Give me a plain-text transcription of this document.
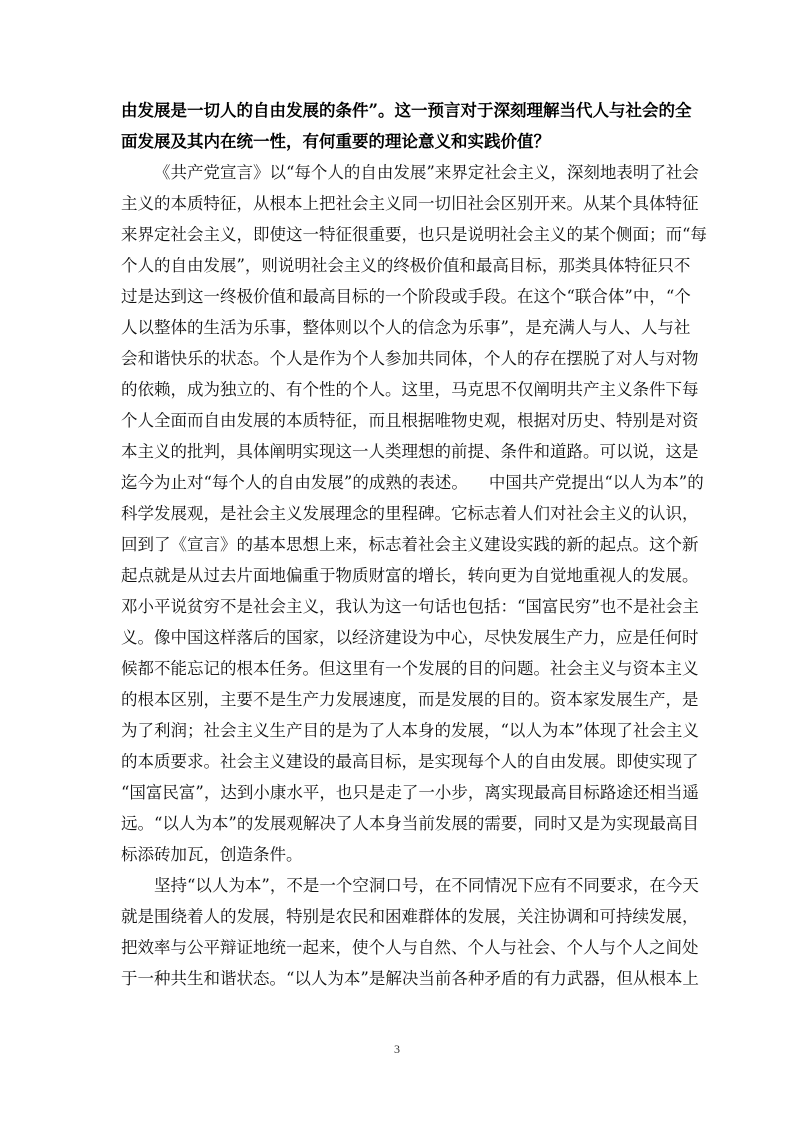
由发展是一切人的自由发展的条件”。这一预言对于深刻理解当代人与社会的全
面发展及其内在统一性，有何重要的理论意义和实践价值？
《共产党宣言》以“每个人的自由发展”来界定社会主义，深刻地表明了社会
主义的本质特征，从根本上把社会主义同一切旧社会区别开来。从某个具体特征
来界定社会主义，即使这一特征很重要，也只是说明社会主义的某个侧面；而“每
个人的自由发展”，则说明社会主义的终极价值和最高目标，那类具体特征只不
过是达到这一终极价值和最高目标的一个阶段或手段。在这个“联合体”中，“个
人以整体的生活为乐事，整体则以个人的信念为乐事”，是充满人与人、人与社
会和谐快乐的状态。个人是作为个人参加共同体，个人的存在摆脱了对人与对物
的依赖，成为独立的、有个性的个人。这里，马克思不仅阐明共产主义条件下每
个人全面而自由发展的本质特征，而且根据唯物史观，根据对历史、特别是对资
本主义的批判，具体阐明实现这一人类理想的前提、条件和道路。可以说，这是
迄今为止对“每个人的自由发展”的成熟的表述。    中国共产党提出“以人为本”的
科学发展观，是社会主义发展理念的里程碑。它标志着人们对社会主义的认识，
回到了《宣言》的基本思想上来，标志着社会主义建设实践的新的起点。这个新
起点就是从过去片面地偏重于物质财富的增长，转向更为自觉地重视人的发展。
邓小平说贫穷不是社会主义，我认为这一句话也包括：“国富民穷”也不是社会主
义。像中国这样落后的国家，以经济建设为中心，尽快发展生产力，应是任何时
候都不能忘记的根本任务。但这里有一个发展的目的问题。社会主义与资本主义
的根本区别，主要不是生产力发展速度，而是发展的目的。资本家发展生产，是
为了利润；社会主义生产目的是为了人本身的发展，“以人为本”体现了社会主义
的本质要求。社会主义建设的最高目标，是实现每个人的自由发展。即使实现了
“国富民富”，达到小康水平，也只是走了一小步，离实现最高目标路途还相当遥
远。“以人为本”的发展观解决了人本身当前发展的需要，同时又是为实现最高目
标添砖加瓦，创造条件。
坚持“以人为本”，不是一个空洞口号，在不同情况下应有不同要求，在今天
就是围绕着人的发展，特别是农民和困难群体的发展，关注协调和可持续发展，
把效率与公平辩证地统一起来，使个人与自然、个人与社会、个人与个人之间处
于一种共生和谐状态。“以人为本”是解决当前各种矛盾的有力武器，但从根本上
3
